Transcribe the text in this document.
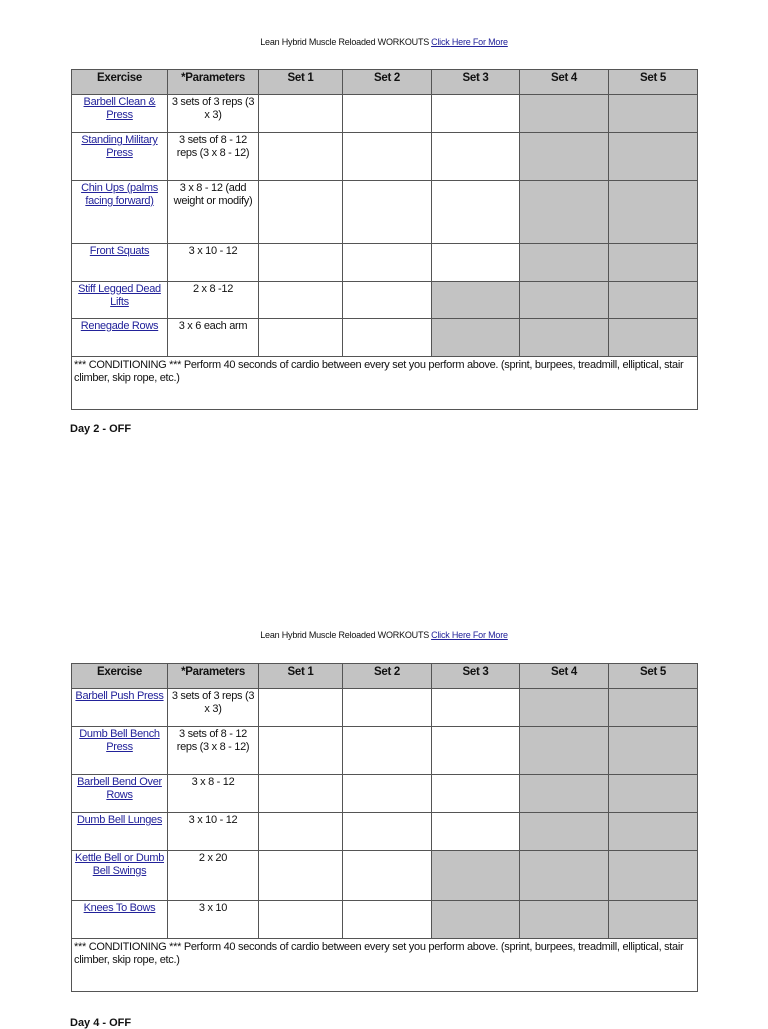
Lean Hybrid Muscle Reloaded WORKOUTS Click Here For More
Lean Hybrid Muscle Reloaded WORKOUTS Click Here For More
Exercise	*Parameters	Set 1	Set 2	Set 3	Set 4	Set 5
Barbell Clean & Press	3 sets of 3 reps (3 x 3)					
Standing Military Press	3 sets of 8 - 12 reps (3 x 8 - 12)					
Chin Ups (palms facing forward)	3 x 8 - 12 (add weight or modify)					
Front Squats	3 x 10 - 12					
Stiff Legged Dead Lifts	2 x 8 -12					
Renegade Rows	3 x 6 each arm					
*** CONDITIONING *** Perform 40 seconds of cardio between every set you perform above. (sprint, burpees, treadmill, elliptical, stair climber, skip rope, etc.)						
Day 2 - OFF
Exercise	*Parameters	Set 1	Set 2	Set 3	Set 4	Set 5
Barbell Push Press	3 sets of 3 reps (3 x 3)					
Dumb Bell Bench Press	3 sets of 8 - 12 reps (3 x 8 - 12)					
Barbell Bend Over Rows	3 x 8 - 12					
Dumb Bell Lunges	3 x 10 - 12					
Kettle Bell or Dumb Bell Swings	2 x 20					
Knees To Bows	3 x 10					
*** CONDITIONING *** Perform 40 seconds of cardio between every set you perform above. (sprint, burpees, treadmill, elliptical, stair climber, skip rope, etc.)						
Day 4 - OFF
